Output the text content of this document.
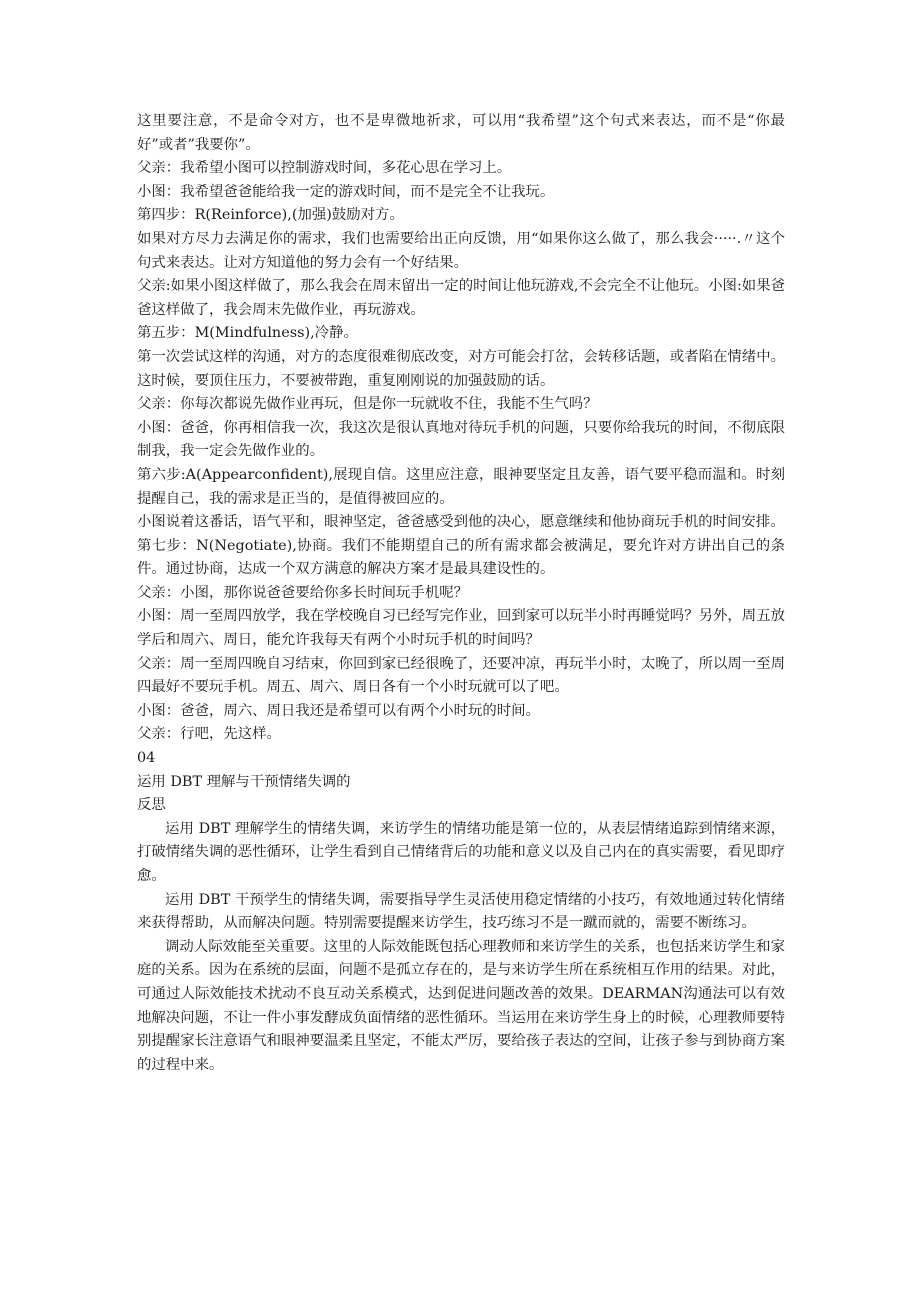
这里要注意，不是命令对方，也不是卑微地祈求，可以用“我希望”这个句式来表达，而不是“你最好”或者”我要你”。

父亲：我希望小图可以控制游戏时间，多花心思在学习上。

小图：我希望爸爸能给我一定的游戏时间，而不是完全不让我玩。

第四步：R(Reinforce),(加强)鼓励对方。

如果对方尽力去满足你的需求，我们也需要给出正向反馈，用“如果你这么做了，那么我会·····.〃这个句式来表达。让对方知道他的努力会有一个好结果。

父亲:如果小图这样做了，那么我会在周末留出一定的时间让他玩游戏,不会完全不让他玩。小图:如果爸爸这样做了，我会周末先做作业，再玩游戏。

第五步：M(Mindfulness),冷静。

第一次尝试这样的沟通，对方的态度很难彻底改变，对方可能会打岔，会转移话题，或者陷在情绪中。这时候，要顶住压力，不要被带跑，重复刚刚说的加强鼓励的话。

父亲：你每次都说先做作业再玩，但是你一玩就收不住，我能不生气吗？

小图：爸爸，你再相信我一次，我这次是很认真地对待玩手机的问题，只要你给我玩的时间，不彻底限制我，我一定会先做作业的。

第六步:A(Appearconfident),展现自信。这里应注意，眼神要坚定且友善，语气要平稳而温和。时刻提醒自己，我的需求是正当的，是值得被回应的。

小图说着这番话，语气平和，眼神坚定，爸爸感受到他的决心，愿意继续和他协商玩手机的时间安排。

第七步：N(Negotiate),协商。我们不能期望自己的所有需求都会被满足，要允许对方讲出自己的条件。通过协商，达成一个双方满意的解决方案才是最具建设性的。

父亲：小图，那你说爸爸要给你多长时间玩手机呢？

小图：周一至周四放学，我在学校晚自习已经写完作业，回到家可以玩半小时再睡觉吗？另外，周五放学后和周六、周日，能允许我每天有两个小时玩手机的时间吗？

父亲：周一至周四晚自习结束，你回到家已经很晚了，还要冲凉，再玩半小时，太晚了，所以周一至周四最好不要玩手机。周五、周六、周日各有一个小时玩就可以了吧。

小图：爸爸，周六、周日我还是希望可以有两个小时玩的时间。

父亲：行吧，先这样。

04

运用 DBT 理解与干预情绪失调的

反思

运用 DBT 理解学生的情绪失调，来访学生的情绪功能是第一位的，从表层情绪追踪到情绪来源，打破情绪失调的恶性循环，让学生看到自己情绪背后的功能和意义以及自己内在的真实需要，看见即疗愈。

运用 DBT 干预学生的情绪失调，需要指导学生灵活使用稳定情绪的小技巧，有效地通过转化情绪来获得帮助，从而解决问题。特别需要提醒来访学生，技巧练习不是一蹴而就的，需要不断练习。

调动人际效能至关重要。这里的人际效能既包括心理教师和来访学生的关系，也包括来访学生和家庭的关系。因为在系统的层面，问题不是孤立存在的，是与来访学生所在系统相互作用的结果。对此，可通过人际效能技术扰动不良互动关系模式，达到促进问题改善的效果。DEARMAN沟通法可以有效地解决问题，不让一件小事发酵成负面情绪的恶性循环。当运用在来访学生身上的时候，心理教师要特别提醒家长注意语气和眼神要温柔且坚定，不能太严厉，要给孩子表达的空间，让孩子参与到协商方案的过程中来。
